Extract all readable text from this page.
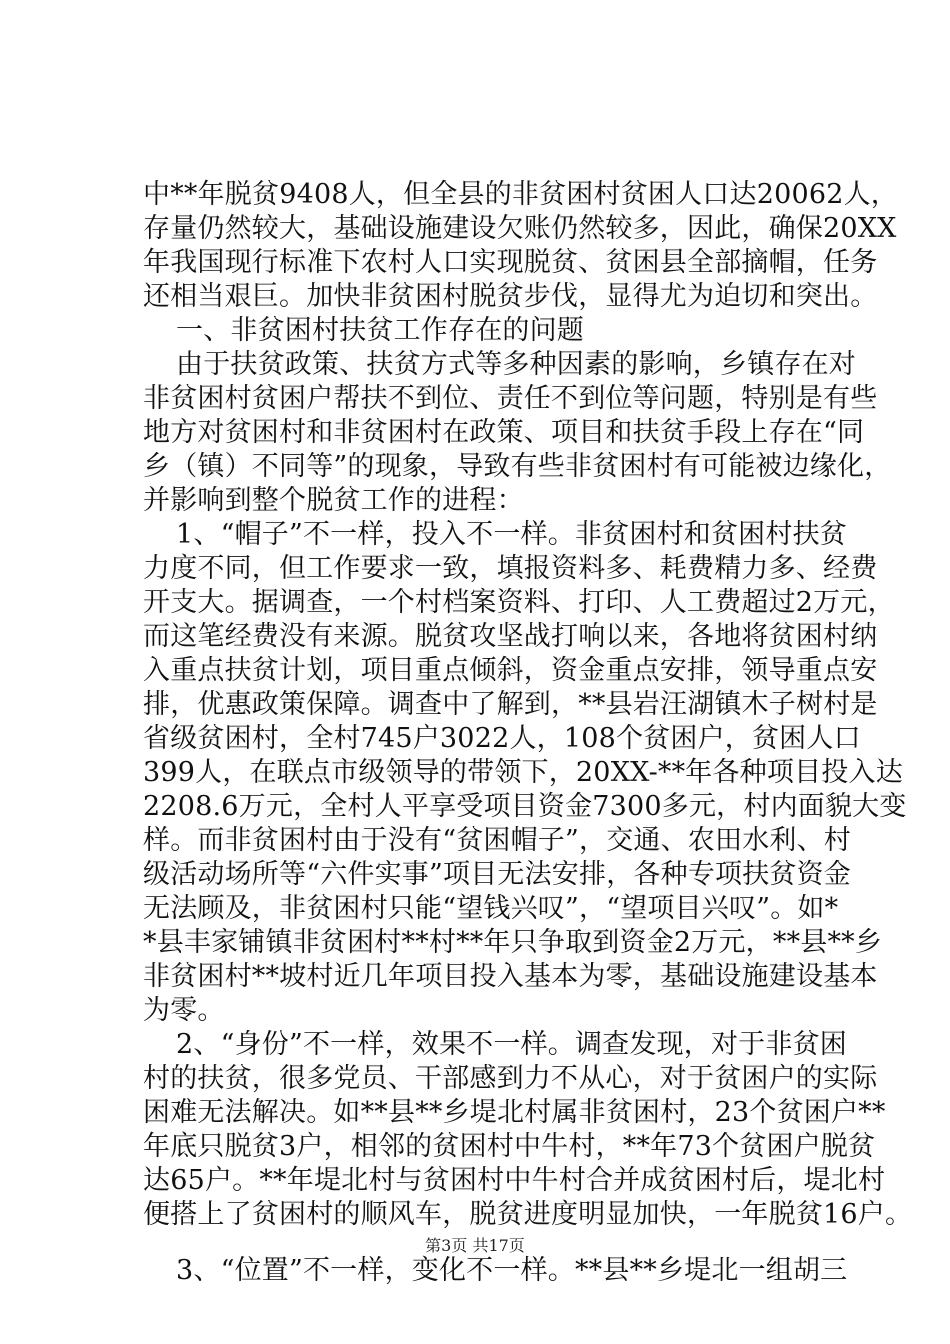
中**年脱贫9408人，但全县的非贫困村贫困人口达20062人，
存量仍然较大，基础设施建设欠账仍然较多，因此，确保20XX
年我国现行标准下农村人口实现脱贫、贫困县全部摘帽，任务
还相当艰巨。加快非贫困村脱贫步伐，显得尤为迫切和突出。
一、非贫困村扶贫工作存在的问题
由于扶贫政策、扶贫方式等多种因素的影响，乡镇存在对
非贫困村贫困户帮扶不到位、责任不到位等问题，特别是有些
地方对贫困村和非贫困村在政策、项目和扶贫手段上存在“同
乡（镇）不同等”的现象，导致有些非贫困村有可能被边缘化，
并影响到整个脱贫工作的进程：
1、“帽子”不一样，投入不一样。非贫困村和贫困村扶贫
力度不同，但工作要求一致，填报资料多、耗费精力多、经费
开支大。据调查，一个村档案资料、打印、人工费超过2万元，
而这笔经费没有来源。脱贫攻坚战打响以来，各地将贫困村纳
入重点扶贫计划，项目重点倾斜，资金重点安排，领导重点安
排，优惠政策保障。调查中了解到，**县岩汪湖镇木子树村是
省级贫困村，全村745户3022人，108个贫困户，贫困人口
399人，在联点市级领导的带领下，20XX-**年各种项目投入达
2208.6万元，全村人平享受项目资金7300多元，村内面貌大变
样。而非贫困村由于没有“贫困帽子”，交通、农田水利、村
级活动场所等“六件实事”项目无法安排，各种专项扶贫资金
无法顾及，非贫困村只能“望钱兴叹”，“望项目兴叹”。如*
*县丰家铺镇非贫困村**村**年只争取到资金2万元，**县**乡
非贫困村**坡村近几年项目投入基本为零，基础设施建设基本
为零。
2、“身份”不一样，效果不一样。调查发现，对于非贫困
村的扶贫，很多党员、干部感到力不从心，对于贫困户的实际
困难无法解决。如**县**乡堤北村属非贫困村，23个贫困户**
年底只脱贫3户，相邻的贫困村中牛村，**年73个贫困户脱贫
达65户。**年堤北村与贫困村中牛村合并成贫困村后，堤北村
便搭上了贫困村的顺风车，脱贫进度明显加快，一年脱贫16户。
3、“位置”不一样，变化不一样。**县**乡堤北一组胡三
第3页 共17页
